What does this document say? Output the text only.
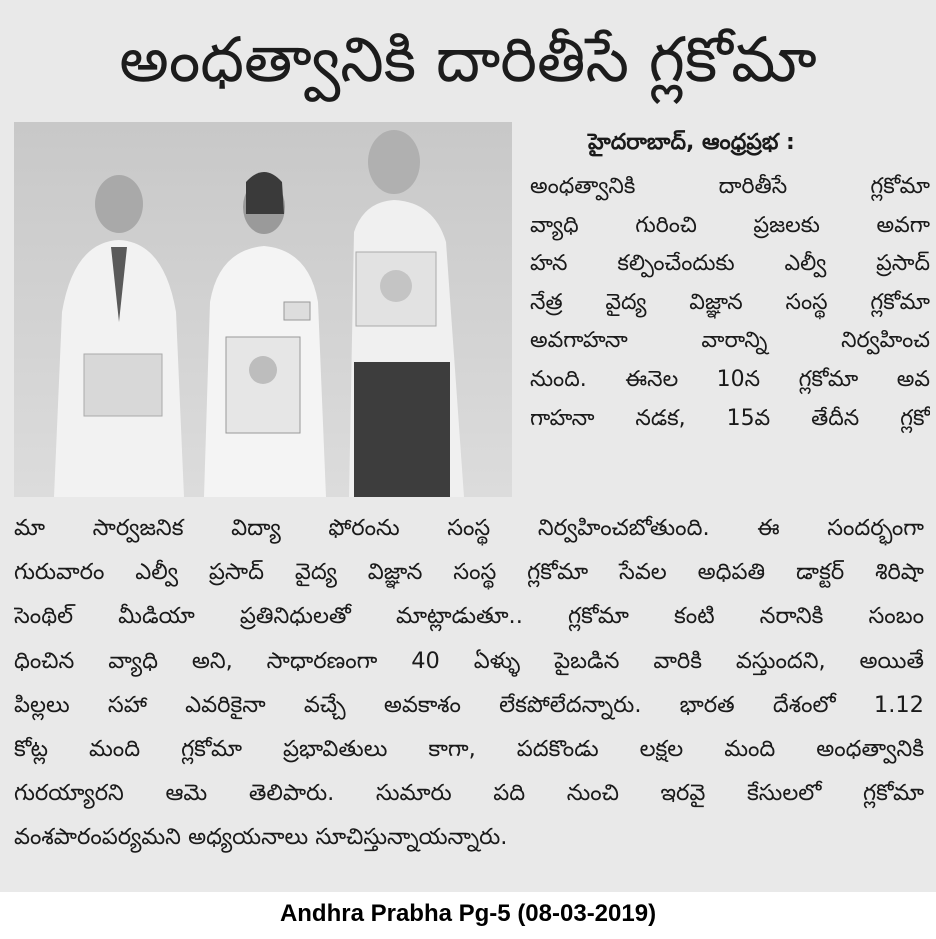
అంధత్వానికి దారితీసే గ్లకోమా
హైదరాబాద్‌, ఆంధ్రప్రభ :
అంధత్వానికి దారితీసే గ్లకోమా
వ్యాధి గురించి ప్రజలకు అవగా
హన కల్పించేందుకు ఎల్వీ ప్రసాద్‌
నేత్ర వైద్య విజ్ఞాన సంస్థ గ్లకోమా
అవగాహనా వారాన్ని నిర్వహించ
నుంది. ఈనెల 10న గ్లకోమా అవ
గాహనా నడక, 15వ తేదీన గ్లకో
మా సార్వజనిక విద్యా ఫోరంను సంస్థ నిర్వహించబోతుంది. ఈ సందర్భంగా
గురువారం ఎల్వీ ప్రసాద్‌ వైద్య విజ్ఞాన సంస్థ గ్లకోమా సేవల అధిపతి డాక్టర్‌ శిరిషా
సెంథిల్‌ మీడియా ప్రతినిధులతో మాట్లాడుతూ.. గ్లకోమా కంటి నరానికి సంబం
ధించిన వ్యాధి అని, సాధారణంగా 40 ఏళ్ళు పైబడిన వారికి వస్తుందని, అయితే
పిల్లలు సహా ఎవరికైనా వచ్చే అవకాశం లేకపోలేదన్నారు. భారత దేశంలో 1.12
కోట్ల మంది గ్లకోమా ప్రభావితులు కాగా, పదకొండు లక్షల మంది అంధత్వానికి
గురయ్యారని ఆమె తెలిపారు. సుమారు పది నుంచి ఇరవై కేసులలో గ్లకోమా
వంశపారంపర్యమని అధ్యయనాలు సూచిస్తున్నాయన్నారు.
Andhra Prabha Pg-5 (08-03-2019)
